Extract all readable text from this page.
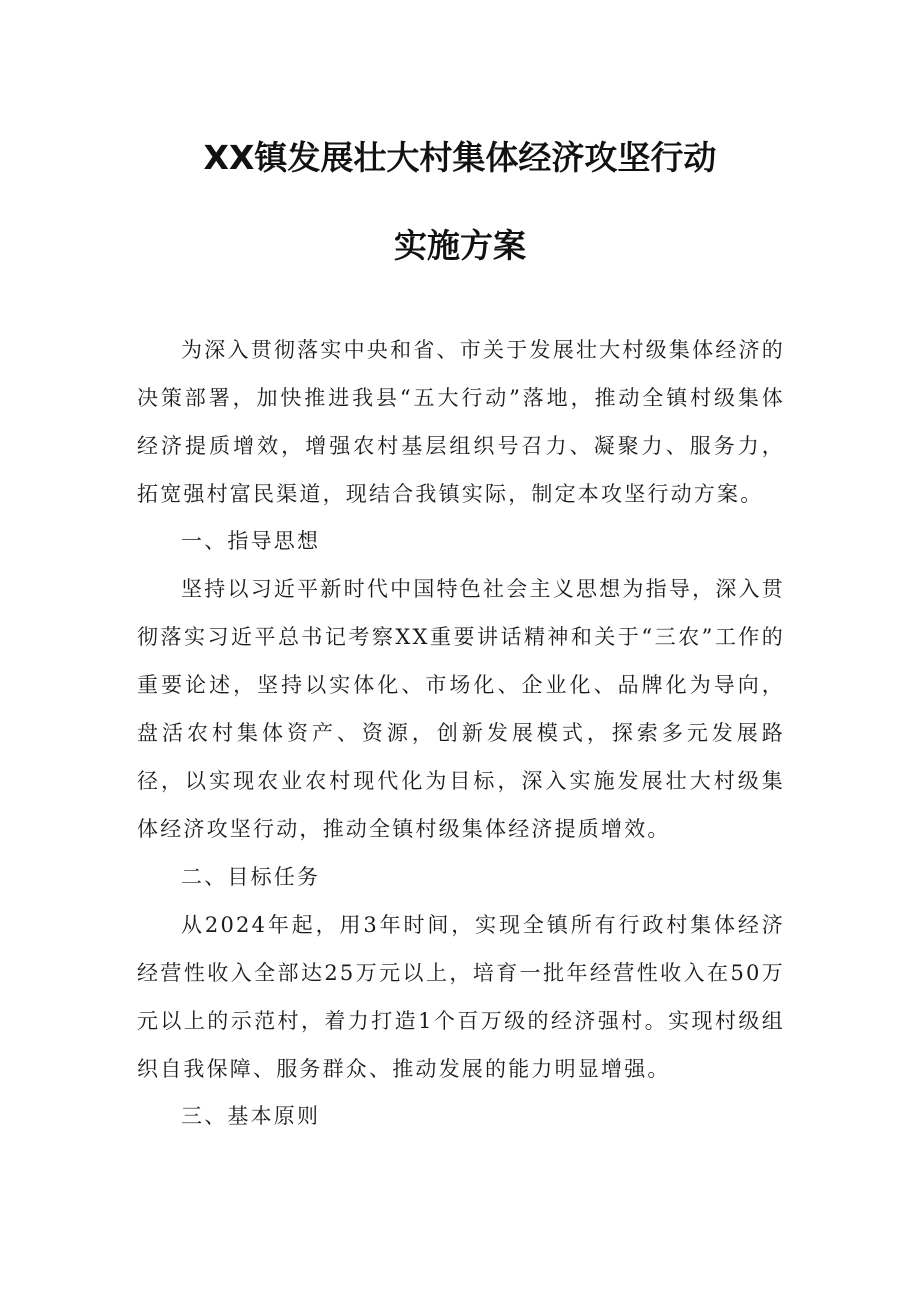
XX镇发展壮大村集体经济攻坚行动
实施方案
为深入贯彻落实中央和省、市关于发展壮大村级集体经济的决策部署，加快推进我县“五大行动”落地，推动全镇村级集体经济提质增效，增强农村基层组织号召力、凝聚力、服务力，拓宽强村富民渠道，现结合我镇实际，制定本攻坚行动方案。
一、指导思想
坚持以习近平新时代中国特色社会主义思想为指导，深入贯彻落实习近平总书记考察XX重要讲话精神和关于“三农”工作的重要论述，坚持以实体化、市场化、企业化、品牌化为导向，盘活农村集体资产、资源，创新发展模式，探索多元发展路径，以实现农业农村现代化为目标，深入实施发展壮大村级集体经济攻坚行动，推动全镇村级集体经济提质增效。
二、目标任务
从2024年起，用3年时间，实现全镇所有行政村集体经济经营性收入全部达25万元以上，培育一批年经营性收入在50万元以上的示范村，着力打造1个百万级的经济强村。实现村级组织自我保障、服务群众、推动发展的能力明显增强。
三、基本原则
